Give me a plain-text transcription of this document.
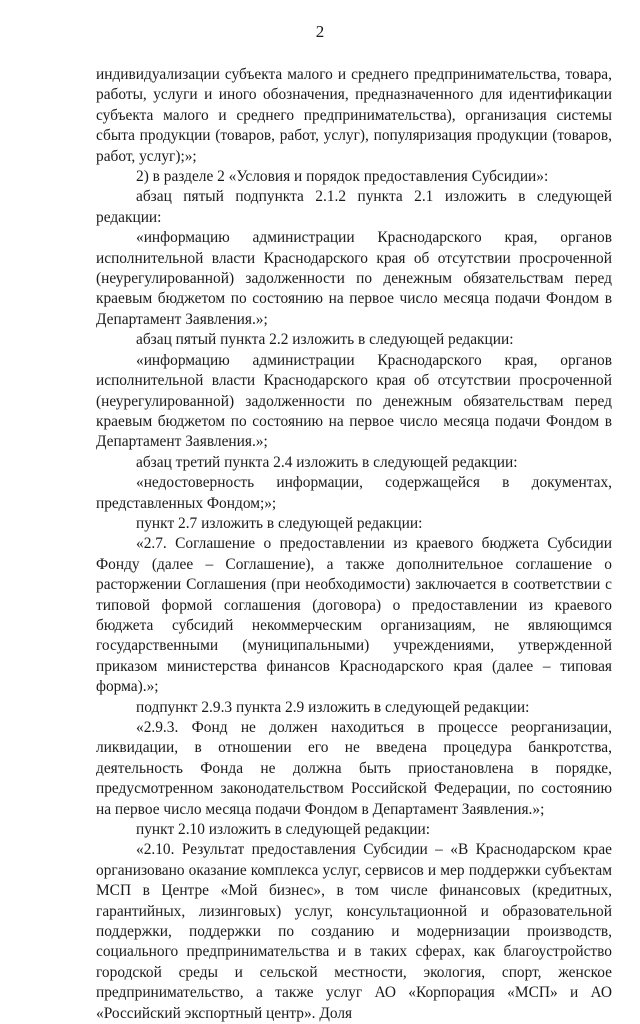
2

индивидуализации субъекта малого и среднего предпринимательства, товара, работы, услуги и иного обозначения, предназначенного для идентификации субъекта малого и среднего предпринимательства), организация системы сбыта продукции (товаров, работ, услуг), популяризация продукции (товаров, работ, услуг);»;

2) в разделе 2 «Условия и порядок предоставления Субсидии»:

абзац пятый подпункта 2.1.2 пункта 2.1 изложить в следующей редакции:

«информацию администрации Краснодарского края, органов исполнительной власти Краснодарского края об отсутствии просроченной (неурегулированной) задолженности по денежным обязательствам перед краевым бюджетом по состоянию на первое число месяца подачи Фондом в Департамент Заявления.»;

абзац пятый пункта 2.2 изложить в следующей редакции:

«информацию администрации Краснодарского края, органов исполнительной власти Краснодарского края об отсутствии просроченной (неурегулированной) задолженности по денежным обязательствам перед краевым бюджетом по состоянию на первое число месяца подачи Фондом в Департамент Заявления.»;

абзац третий пункта 2.4 изложить в следующей редакции:

«недостоверность информации, содержащейся в документах, представленных Фондом;»;

пункт 2.7 изложить в следующей редакции:

«2.7. Соглашение о предоставлении из краевого бюджета Субсидии Фонду (далее – Соглашение), а также дополнительное соглашение о расторжении Соглашения (при необходимости) заключается в соответствии с типовой формой соглашения (договора) о предоставлении из краевого бюджета субсидий некоммерческим организациям, не являющимся государственными (муниципальными) учреждениями, утвержденной приказом министерства финансов Краснодарского края (далее – типовая форма).»;

подпункт 2.9.3 пункта 2.9 изложить в следующей редакции:

«2.9.3. Фонд не должен находиться в процессе реорганизации, ликвидации, в отношении его не введена процедура банкротства, деятельность Фонда не должна быть приостановлена в порядке, предусмотренном законодательством Российской Федерации, по состоянию на первое число месяца подачи Фондом в Департамент Заявления.»;

пункт 2.10 изложить в следующей редакции:

«2.10. Результат предоставления Субсидии – «В Краснодарском крае организовано оказание комплекса услуг, сервисов и мер поддержки субъектам МСП в Центре «Мой бизнес», в том числе финансовых (кредитных, гарантийных, лизинговых) услуг, консультационной и образовательной поддержки, поддержки по созданию и модернизации производств, социального предпринимательства и в таких сферах, как благоустройство городской среды и сельской местности, экология, спорт, женское предпринимательство, а также услуг АО «Корпорация «МСП» и АО «Российский экспортный центр». Доля
